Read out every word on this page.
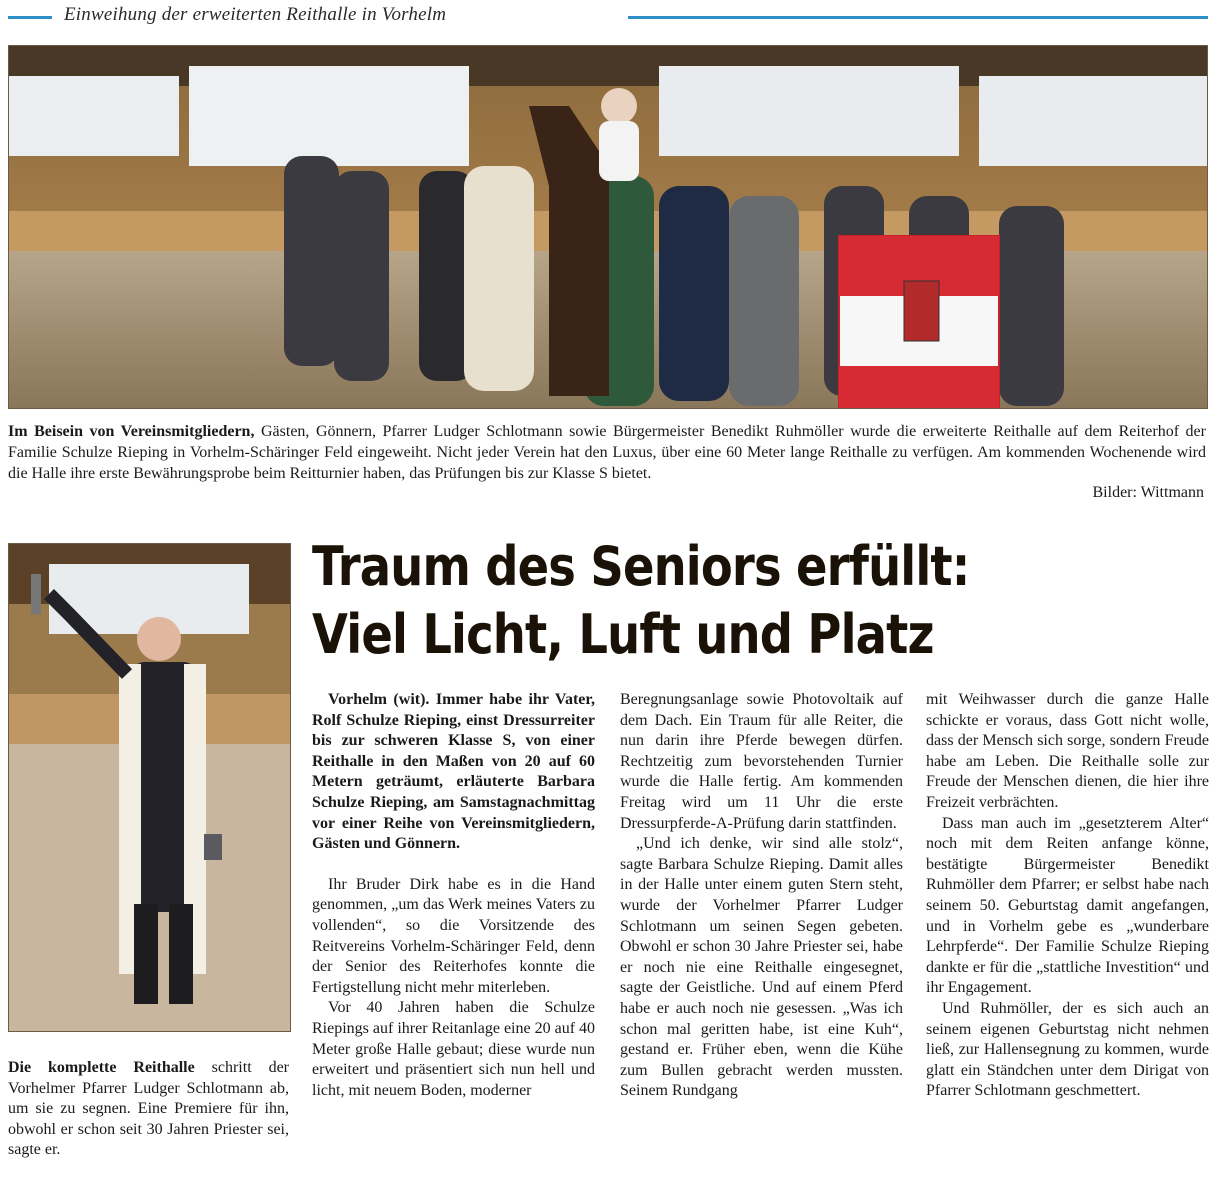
Einweihung der erweiterten Reithalle in Vorhelm
Im Beisein von Vereinsmitgliedern, Gästen, Gönnern, Pfarrer Ludger Schlotmann sowie Bürgermeister Benedikt Ruhmöller wurde die erweiterte Reithalle auf dem Reiterhof der Familie Schulze Rieping in Vorhelm-Schäringer Feld eingeweiht. Nicht jeder Verein hat den Luxus, über eine 60 Meter lange Reithalle zu verfügen. Am kommenden Wochenende wird die Halle ihre erste Bewährungsprobe beim Reitturnier haben, das Prüfungen bis zur Klasse S bietet.
Bilder: Wittmann
Traum des Seniors erfüllt:
Viel Licht, Luft und Platz

Vorhelm (wit). Immer habe ihr Vater, Rolf Schulze Rieping, einst Dressurreiter bis zur schweren Klasse S, von einer Reithalle in den Maßen von 20 auf 60 Metern geträumt, erläuterte Barbara Schulze Rieping, am Samstagnachmittag vor einer Reihe von Vereinsmitgliedern, Gästen und Gönnern.

Ihr Bruder Dirk habe es in die Hand genommen, „um das Werk meines Vaters zu vollenden“, so die Vorsitzende des Reitvereins Vorhelm-Schäringer Feld, denn der Senior des Reiterhofes konnte die Fertigstellung nicht mehr miterleben.

Vor 40 Jahren haben die Schulze Riepings auf ihrer Reitanlage eine 20 auf 40 Meter große Halle gebaut; diese wurde nun erweitert und präsentiert sich nun hell und licht, mit neuem Boden, moderner

Beregnungsanlage sowie Photovoltaik auf dem Dach. Ein Traum für alle Reiter, die nun darin ihre Pferde bewegen dürfen. Rechtzeitig zum bevorstehenden Turnier wurde die Halle fertig. Am kommenden Freitag wird um 11 Uhr die erste Dressurpferde-A-Prüfung darin stattfinden.

„Und ich denke, wir sind alle stolz“, sagte Barbara Schulze Rieping. Damit alles in der Halle unter einem guten Stern steht, wurde der Vorhelmer Pfarrer Ludger Schlotmann um seinen Segen gebeten. Obwohl er schon 30 Jahre Priester sei, habe er noch nie eine Reithalle eingesegnet, sagte der Geistliche. Und auf einem Pferd habe er auch noch nie gesessen. „Was ich schon mal geritten habe, ist eine Kuh“, gestand er. Früher eben, wenn die Kühe zum Bullen gebracht werden mussten. Seinem Rundgang

mit Weihwasser durch die ganze Halle schickte er voraus, dass Gott nicht wolle, dass der Mensch sich sorge, sondern Freude habe am Leben. Die Reithalle solle zur Freude der Menschen dienen, die hier ihre Freizeit verbrächten.

Dass man auch im „gesetzterem Alter“ noch mit dem Reiten anfange könne, bestätigte Bürgermeister Benedikt Ruhmöller dem Pfarrer; er selbst habe nach seinem 50. Geburtstag damit angefangen, und in Vorhelm gebe es „wunderbare Lehrpferde“. Der Familie Schulze Rieping dankte er für die „stattliche Investition“ und ihr Engagement.

Und Ruhmöller, der es sich auch an seinem eigenen Geburtstag nicht nehmen ließ, zur Hallensegnung zu kommen, wurde glatt ein Ständchen unter dem Dirigat von Pfarrer Schlotmann geschmettert.

Die komplette Reithalle schritt der Vorhelmer Pfarrer Ludger Schlotmann ab, um sie zu segnen. Eine Premiere für ihn, obwohl er schon seit 30 Jahren Priester sei, sagte er.
